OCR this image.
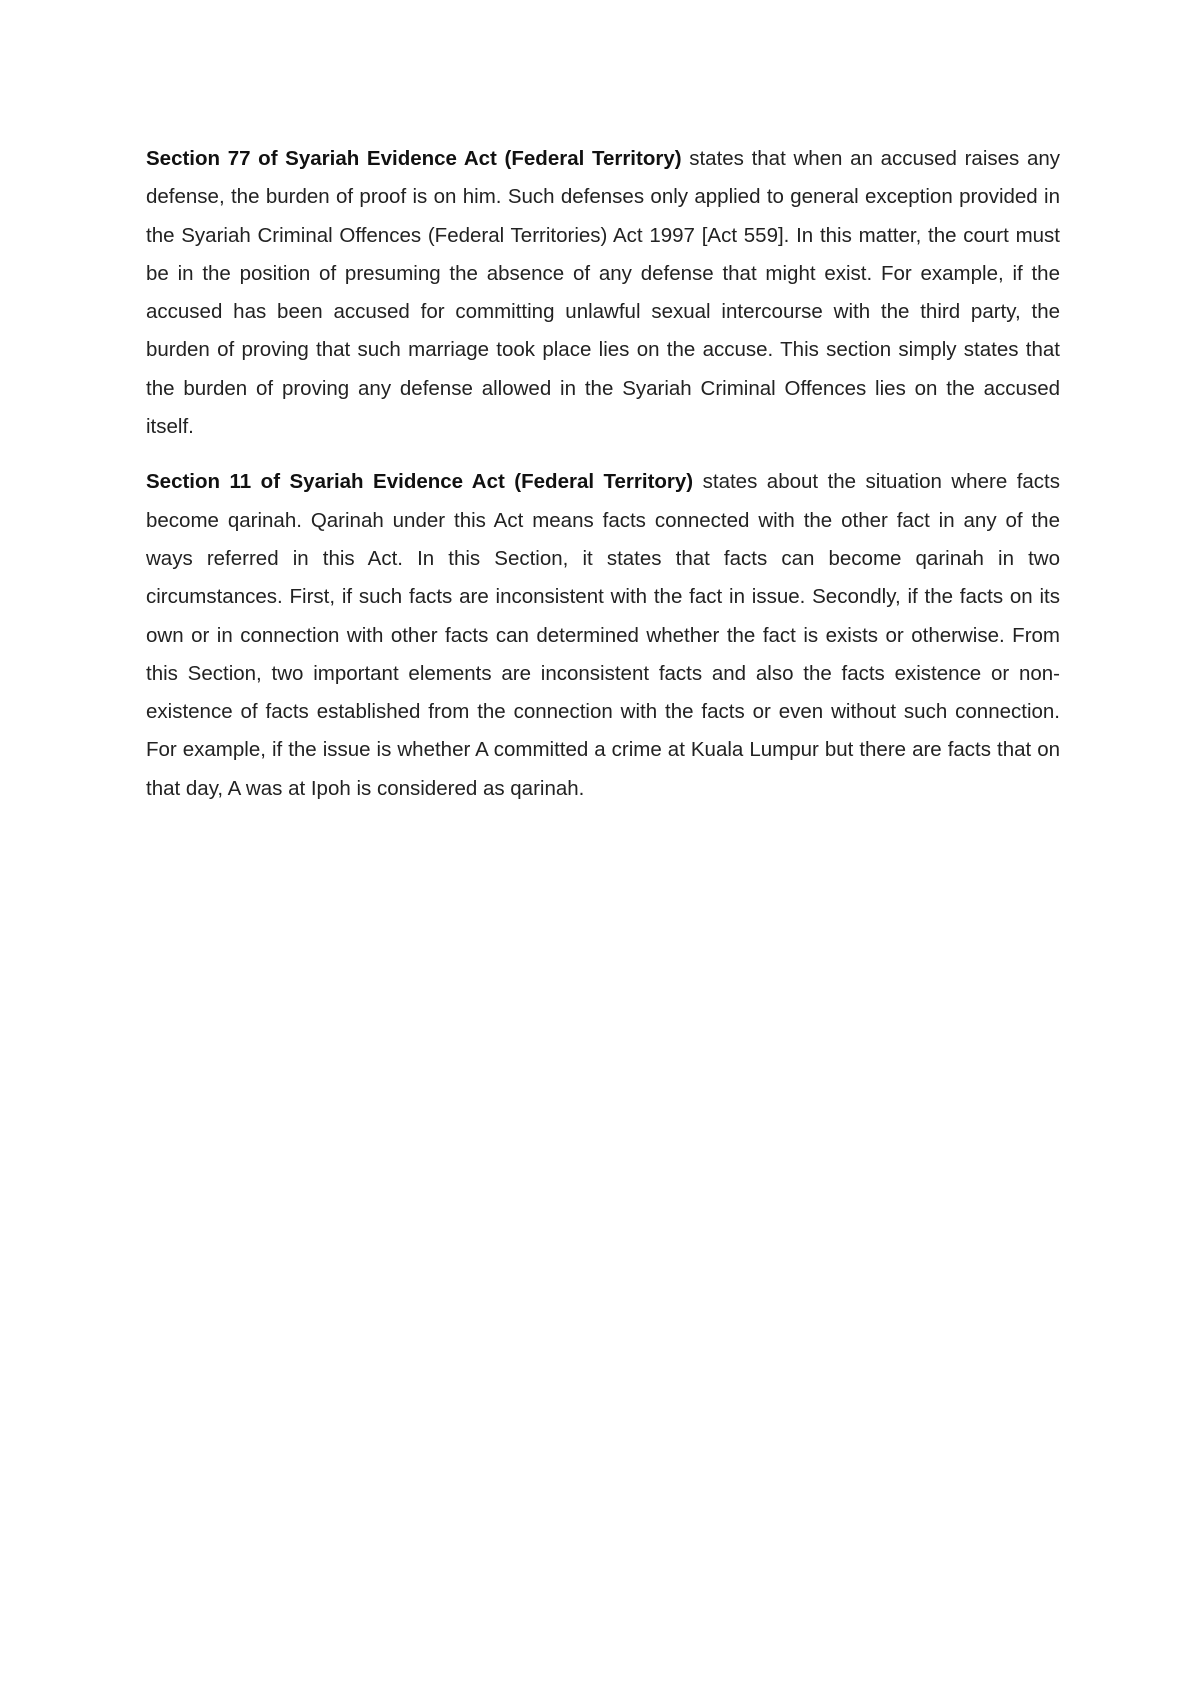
Section 77 of Syariah Evidence Act (Federal Territory) states that when an accused raises any defense, the burden of proof is on him. Such defenses only applied to general exception provided in the Syariah Criminal Offences (Federal Territories) Act 1997 [Act 559]. In this matter, the court must be in the position of presuming the absence of any defense that might exist. For example, if the accused has been accused for committing unlawful sexual intercourse with the third party, the burden of proving that such marriage took place lies on the accuse. This section simply states that the burden of proving any defense allowed in the Syariah Criminal Offences lies on the accused itself.

Section 11 of Syariah Evidence Act (Federal Territory) states about the situation where facts become qarinah. Qarinah under this Act means facts connected with the other fact in any of the ways referred in this Act. In this Section, it states that facts can become qarinah in two circumstances. First, if such facts are inconsistent with the fact in issue. Secondly, if the facts on its own or in connection with other facts can determined whether the fact is exists or otherwise. From this Section, two important elements are inconsistent facts and also the facts existence or non-existence of facts established from the connection with the facts or even without such connection. For example, if the issue is whether A committed a crime at Kuala Lumpur but there are facts that on that day, A was at Ipoh is considered as qarinah.
